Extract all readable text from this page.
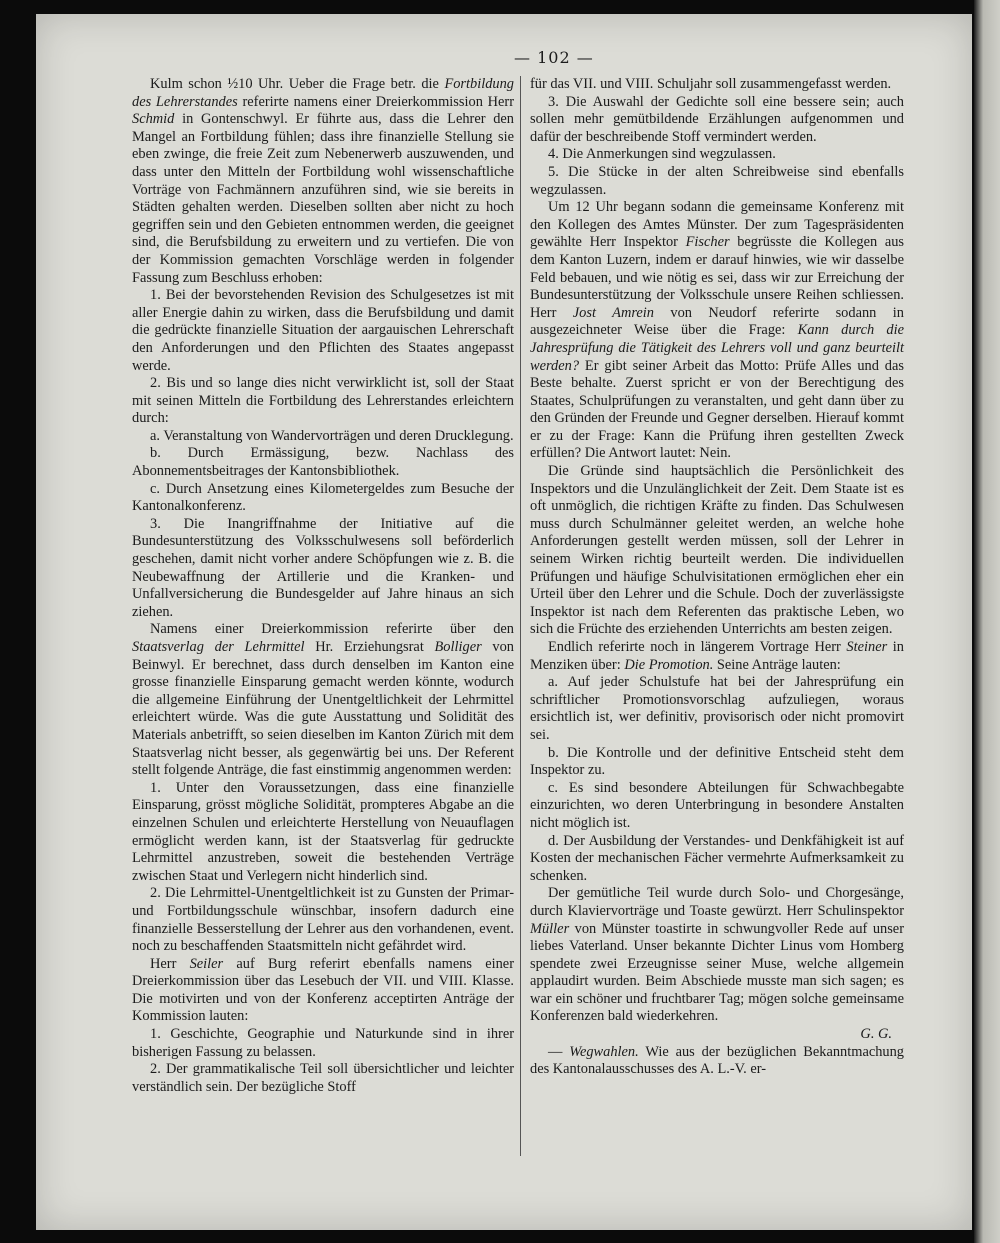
— 102 —

Kulm schon ½10 Uhr. Ueber die Frage betr. die Fortbildung des Lehrerstandes referirte namens einer Dreierkommission Herr Schmid in Gontenschwyl. Er führte aus, dass die Lehrer den Mangel an Fortbildung fühlen; dass ihre finanzielle Stellung sie eben zwinge, die freie Zeit zum Nebenerwerb auszuwenden, und dass unter den Mitteln der Fortbildung wohl wissenschaftliche Vorträge von Fachmännern anzuführen sind, wie sie bereits in Städten gehalten werden. Dieselben sollten aber nicht zu hoch gegriffen sein und den Gebieten entnommen werden, die geeignet sind, die Berufsbildung zu erweitern und zu vertiefen. Die von der Kommission gemachten Vorschläge werden in folgender Fassung zum Beschluss erhoben:

1. Bei der bevorstehenden Revision des Schulgesetzes ist mit aller Energie dahin zu wirken, dass die Berufsbildung und damit die gedrückte finanzielle Situation der aargauischen Lehrerschaft den Anforderungen und den Pflichten des Staates angepasst werde.

2. Bis und so lange dies nicht verwirklicht ist, soll der Staat mit seinen Mitteln die Fortbildung des Lehrerstandes erleichtern durch:

a. Veranstaltung von Wandervorträgen und deren Drucklegung.

b. Durch Ermässigung, bezw. Nachlass des Abonnementsbeitrages der Kantonsbibliothek.

c. Durch Ansetzung eines Kilometergeldes zum Besuche der Kantonalkonferenz.

3. Die Inangriffnahme der Initiative auf die Bundesunterstützung des Volksschulwesens soll beförderlich geschehen, damit nicht vorher andere Schöpfungen wie z. B. die Neubewaffnung der Artillerie und die Kranken- und Unfallversicherung die Bundesgelder auf Jahre hinaus an sich ziehen.

Namens einer Dreierkommission referirte über den Staatsverlag der Lehrmittel Hr. Erziehungsrat Bolliger von Beinwyl. Er berechnet, dass durch denselben im Kanton eine grosse finanzielle Einsparung gemacht werden könnte, wodurch die allgemeine Einführung der Unentgeltlichkeit der Lehrmittel erleichtert würde. Was die gute Ausstattung und Solidität des Materials anbetrifft, so seien dieselben im Kanton Zürich mit dem Staatsverlag nicht besser, als gegenwärtig bei uns. Der Referent stellt folgende Anträge, die fast einstimmig angenommen werden:

1. Unter den Voraussetzungen, dass eine finanzielle Einsparung, grösst mögliche Solidität, prompteres Abgabe an die einzelnen Schulen und erleichterte Herstellung von Neuauflagen ermöglicht werden kann, ist der Staatsverlag für gedruckte Lehrmittel anzustreben, soweit die bestehenden Verträge zwischen Staat und Verlegern nicht hinderlich sind.

2. Die Lehrmittel-Unentgeltlichkeit ist zu Gunsten der Primar- und Fortbildungsschule wünschbar, insofern dadurch eine finanzielle Besserstellung der Lehrer aus den vorhandenen, event. noch zu beschaffenden Staatsmitteln nicht gefährdet wird.

Herr Seiler auf Burg referirt ebenfalls namens einer Dreierkommission über das Lesebuch der VII. und VIII. Klasse. Die motivirten und von der Konferenz acceptirten Anträge der Kommission lauten:

1. Geschichte, Geographie und Naturkunde sind in ihrer bisherigen Fassung zu belassen.

2. Der grammatikalische Teil soll übersichtlicher und leichter verständlich sein. Der bezügliche Stoff

für das VII. und VIII. Schuljahr soll zusammengefasst werden.

3. Die Auswahl der Gedichte soll eine bessere sein; auch sollen mehr gemütbildende Erzählungen aufgenommen und dafür der beschreibende Stoff vermindert werden.

4. Die Anmerkungen sind wegzulassen.

5. Die Stücke in der alten Schreibweise sind ebenfalls wegzulassen.

Um 12 Uhr begann sodann die gemeinsame Konferenz mit den Kollegen des Amtes Münster. Der zum Tagespräsidenten gewählte Herr Inspektor Fischer begrüsste die Kollegen aus dem Kanton Luzern, indem er darauf hinwies, wie wir dasselbe Feld bebauen, und wie nötig es sei, dass wir zur Erreichung der Bundesunterstützung der Volksschule unsere Reihen schliessen. Herr Jost Amrein von Neudorf referirte sodann in ausgezeichneter Weise über die Frage: Kann durch die Jahresprüfung die Tätigkeit des Lehrers voll und ganz beurteilt werden? Er gibt seiner Arbeit das Motto: Prüfe Alles und das Beste behalte. Zuerst spricht er von der Berechtigung des Staates, Schulprüfungen zu veranstalten, und geht dann über zu den Gründen der Freunde und Gegner derselben. Hierauf kommt er zu der Frage: Kann die Prüfung ihren gestellten Zweck erfüllen? Die Antwort lautet: Nein.

Die Gründe sind hauptsächlich die Persönlichkeit des Inspektors und die Unzulänglichkeit der Zeit. Dem Staate ist es oft unmöglich, die richtigen Kräfte zu finden. Das Schulwesen muss durch Schulmänner geleitet werden, an welche hohe Anforderungen gestellt werden müssen, soll der Lehrer in seinem Wirken richtig beurteilt werden. Die individuellen Prüfungen und häufige Schulvisitationen ermöglichen eher ein Urteil über den Lehrer und die Schule. Doch der zuverlässigste Inspektor ist nach dem Referenten das praktische Leben, wo sich die Früchte des erziehenden Unterrichts am besten zeigen.

Endlich referirte noch in längerem Vortrage Herr Steiner in Menziken über: Die Promotion. Seine Anträge lauten:

a. Auf jeder Schulstufe hat bei der Jahresprüfung ein schriftlicher Promotionsvorschlag aufzuliegen, woraus ersichtlich ist, wer definitiv, provisorisch oder nicht promovirt sei.

b. Die Kontrolle und der definitive Entscheid steht dem Inspektor zu.

c. Es sind besondere Abteilungen für Schwachbegabte einzurichten, wo deren Unterbringung in besondere Anstalten nicht möglich ist.

d. Der Ausbildung der Verstandes- und Denkfähigkeit ist auf Kosten der mechanischen Fächer vermehrte Aufmerksamkeit zu schenken.

Der gemütliche Teil wurde durch Solo- und Chorgesänge, durch Klaviervorträge und Toaste gewürzt. Herr Schulinspektor Müller von Münster toastirte in schwungvoller Rede auf unser liebes Vaterland. Unser bekannte Dichter Linus vom Homberg spendete zwei Erzeugnisse seiner Muse, welche allgemein applaudirt wurden. Beim Abschiede musste man sich sagen; es war ein schöner und fruchtbarer Tag; mögen solche gemeinsame Konferenzen bald wiederkehren.

G. G.

— Wegwahlen. Wie aus der bezüglichen Bekanntmachung des Kantonalausschusses des A. L.-V. er-
